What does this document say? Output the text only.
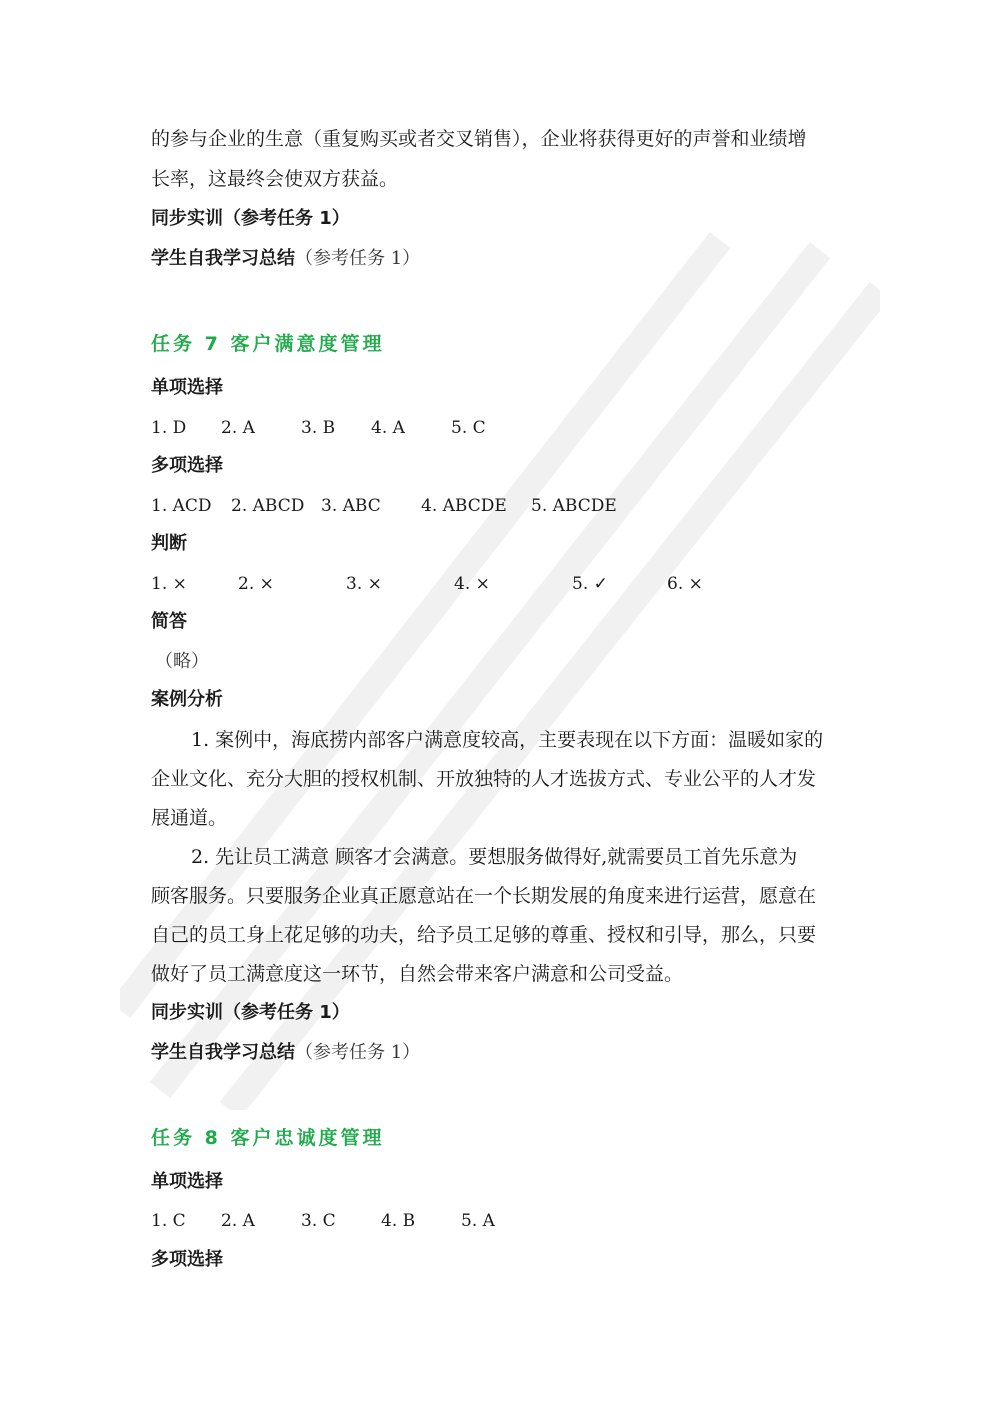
的参与企业的生意（重复购买或者交叉销售），企业将获得更好的声誉和业绩增
长率，这最终会使双方获益。
同步实训（参考任务 1）
学生自我学习总结（参考任务 1）
任务 7 客户满意度管理
单项选择
1. D 2. A	3. B 4. A	5. C
多项选择
1. ACD 2. ABCD 3. ABC 4. ABCDE 5. ABCDE
判断
1. ×	2. ×	3. ×	4. ×	5. ✓	6. ×
简答
（略）
案例分析
1. 案例中，海底捞内部客户满意度较高，主要表现在以下方面：温暖如家的
企业文化、充分大胆的授权机制、开放独特的人才选拔方式、专业公平的人才发
展通道。
2. 先让员工满意 顾客才会满意。要想服务做得好,就需要员工首先乐意为
顾客服务。只要服务企业真正愿意站在一个长期发展的角度来进行运营，愿意在
自己的员工身上花足够的功夫，给予员工足够的尊重、授权和引导，那么，只要
做好了员工满意度这一环节，自然会带来客户满意和公司受益。
同步实训（参考任务 1）
学生自我学习总结（参考任务 1）
任务 8 客户忠诚度管理
单项选择
1. C 2. A	3. C	4. B	5. A
多项选择
